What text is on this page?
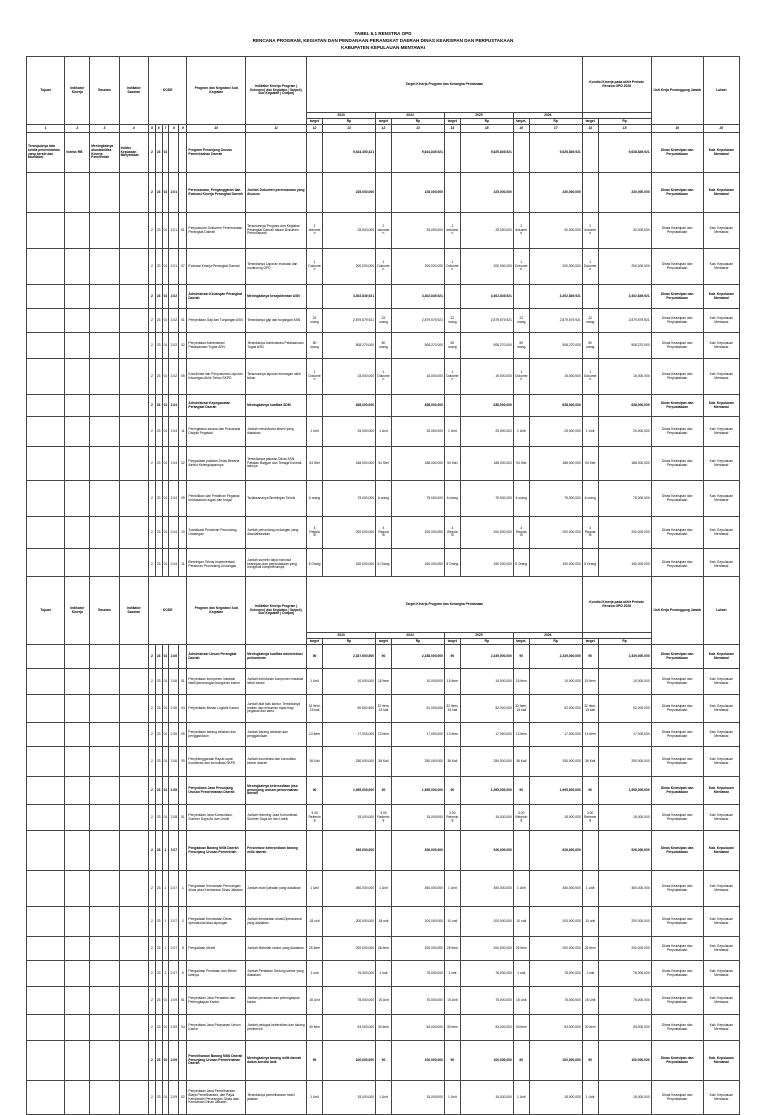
TABEL 6.1 RENSTRA OPD
RENCANA PROGRAM, KEGIATAN DAN PENDANAAN PERANGKAT DAERAH DINAS KEARSIPAN DAN PERPUSTAKAAN
KABUPATEN KEPULAUAN MENTAWAI
Tujuan	Indikator Kinerja	Sasaran	Indikator Sasaran	KODE					Program dan Kegiatan/ Sub Kegiatan	Indikator Kinerja Program ( Outcome) dan Kegiatan ( Output), Sub Kegiatan ( Output)	Target Kinerja Program dan Kerangka Pendanaan								Kondisi Kinerja pada akhir Periode Renstra OPD 2026		Unit Kerja Penanggung Jawab	Lokasi
											2023		2024		2025		2026					
											target	Rp	target	Rp	target	Rp	target,	Rp	target	Rp		
1	2	3	4	5	6	7	8	9	10	11	12	13	12	13	14	15	16	17	14	18	19	20
Terwujudnya tata kelola pemerintahan yang bersih dan akuntabel	Indeks RB	Meningkatnya akuntabilitas Kinerja Pemerintah	Indeks Kepuasan Masyarakat	2	23	01			Program Penunjang Urusan Pemerintahan Daerah			9,624,450,421		9,624,849,921		9,625,849,921		9,628,849,921		9,638,849,921	Dinas Kearsipan dan Perpustakaan	Kab. Kepulauan Mentawai
				2	23	01	2.01		Perencanaan, Penganggaran dan Evaluasi Kinerja Perangkat Daerah	Jumlah Dokumen perencanaan yang disusun		225,000,000		225,000,000		225,000,000		230,000,000		230,000,000	Dinas Kearsipan dan Perpustakaan	Kab. Kepulauan Mentawai
				2	23	01	2.01	01	Penyusunan Dokumen Perencanaan Perangkat Daerah	Tersusunnya Program dan Kegiatan Perangkat Daerah dalam Dokumen Perencanaan	2 dokumen	25,000,000	2 dokumen	25,000,000	2 dokumen	25,000,000	2 dokumen	30,000,000	2 dokumen	30,000,000	Dinas Kearsipan dan Perpustakaan	Kab. Kepulauan Mentawai
				2	23	01	2.01	07	Evaluasi Kinerja Perangkat Daerah	Tersedianya Laporan evaluasi dan monitoring OPD	1 Dokumen	200,000,000	1 Dokumen	200,000,000	1 Dokumen	200,000,000	1 Dokumen	200,000,000	1 Dokumen	200,000,000	Dinas Kearsipan dan Perpustakaan	Kab. Kepulauan Mentawai
				2	23	01	2.02		Administrasi Keuangan Perangkat Daerah	Meningkatnya kesejahteraan ASN		3,402,849,921		3,402,849,921		3,402,849,921		3,402,849,921		3,402,849,921	Dinas Kearsipan dan Perpustakaan	Kab. Kepulauan Mentawai
				2	23	01	2.02	01	Penyediaan Gaji dan Tunjangan ASN	Tersedianya gaji dan tunjangan ASN	22 orang	2,879,579,921	22 orang	2,879,579,921	22 orang	2,879,579,921	22 orang	2,879,579,921	22 orang	2,879,579,921	Dinas Kearsipan dan Perpustakaan	Kab. Kepulauan Mentawai
				2	23	01	2.02	02	Penyediaan Administrasi Pelaksanaan Tugas ASN	Tersedianya Administrasi Pelaksanaan Tugas ASN	50 orang	508,270,000	50 orang	508,270,000	50 orang	508,270,000	50 orang	508,270,000	50 orang	508,270,000	Dinas Kearsipan dan Perpustakaan	Kab. Kepulauan Mentawai
				2	23	01	2.02	05	Koordinasi dan Penyusunan Laporan Keuangan Akhir Tahun SKPD	Tersusunnya laporan keuangan akhir tahun	1 Dokumen	15,000,000	1 Dokumen	15,000,000	1 Dokumen	15,000,000	1 Dokumen	15,000,000	1 Dokumen	15,000,000	Dinas Kearsipan dan Perpustakaan	Kab. Kepulauan Mentawai
				2	23	01	2.04		Administrasi Kepegawaian Perangkat Daerah	Meningkatnya kualitas SDM		638,000,000		638,000,000		638,000,000		638,000,000		638,000,000	Dinas Kearsipan dan Perpustakaan	Kab. Kepulauan Mentawai
				2	23	01	2.04	11	Peningkatan sarana dan Prasarana Disiplin Pegawai	Jumlah mesin/kartu absen yang diadakan	1 Unit	25,000,000	1 Unit	25,000,000	1 Unit	25,000,000	1 Unit	25,000,000	1 Unit	25,000,000	Dinas Kearsipan dan Perpustakaan	Kab. Kepulauan Mentawai
				2	23	01	2.04	02	Pengadaan pakaian Dinas Beserta Atribut Kelengkapannya	Tersedianya pakaian Dinas ASN, Pakaian Batjgon dan Tenaga Kontrak lainnya	94 Stel	188,000,000	94 Stel	188,000,000	94 Stel	188,000,000	94 Stel	188,000,000	94 Stel	188,000,000	Dinas Kearsipan dan Perpustakaan	Kab. Kepulauan Mentawai
				2	23	01	2.04	09	Pendidikan dan Pelatihan Pegawai berdasarkan tugas dan fungsi	Terlaksananya Bimbingan Teknis	6 orang	75,000,000	6 orang	75,000,000	6 orang	75,000,000	6 orang	75,000,000	6 orang	75,000,000	Dinas Kearsipan dan Perpustakaan	Kab. Kepulauan Mentawai
				2	23	01	2.04	10	Sosialisasi Peraturan Perundang-Undangan	Jumlah perundang-undangan yang disosialisasikan	4 Regulasi	200,000,000	4 Regulasi	200,000,000	4 Regulasi	200,000,000	4 Regulasi	200,000,000	4 Regulasi	200,000,000	Dinas Kearsipan dan Perpustakaan	Kab. Kepulauan Mentawai
				2	23	01	2.04	11	Bimbingan Teknis Implementasi Peraturan Perundang-Undangan	Jumlah sumber daya manusia kearsipan dan perpustakaan yang mengikuti kompetensinya	8 Orang	150,000,000	8 Orang	150,000,000	8 Orang	150,000,000	8 Orang	150,000,000	8 Orang	150,000,000	Dinas Kearsipan dan Perpustakaan	Kab. Kepulauan Mentawai
Tujuan	Indikator Kinerja	Sasaran	Indikator Sasaran	KODE					Program dan Kegiatan/ Sub Kegiatan	Indikator Kinerja Program ( Outcome) dan Kegiatan ( Output), Sub Kegiatan ( Output)	Target Kinerja Program dan Kerangka Pendanaan								Kondisi Kinerja pada akhir Periode Renstra OPD 2026		Unit Kerja Penanggung Jawab	Lokasi
											2023		2024		2025		2026					
											target	Rp	target	Rp	target	Rp	target,	Rp	target	Rp		
				2	23	01	2.06		Administrasi Umum Perangkat Daerah	Meningkatnya kualitas administrasi perkantoran	90	2,337,600,500	90	2,338,000,000	90	2,339,000,000	90	2,339,000,000	90	2,339,000,000	Dinas Kearsipan dan Perpustakaan	Kab. Kepulauan Mentawai
				2	23	01	2.06	01	Penyediaan komponen instalasi listrik/penerangan bangunan kantor	Jumlah kebutuhan komponen instalasi listrik kantor	1 Unit	10,000,000	15 Item	10,000,000	15 Item	10,000,000	15 Item	10,000,000	15 Item	10,000,000	Dinas Kearsipan dan Perpustakaan	Kab. Kepulauan Mentawai
				2	23	01	2.06	04	Penyediaan Bahan Logistik Kantor	Jumlah alat tulis kantor, Tersedianya makan dan minuman rapat bagi pegawai dan tamu	32 Item, 15 kali	50,600,500	32 Item, 15 kali	51,000,000	32 Item, 15 kali	52,000,000	32 Item, 15 kali	52,000,000	32 Item, 15 kali	52,000,000	Dinas Kearsipan dan Perpustakaan	Kab. Kepulauan Mentawai
				2	23	01	2.06	05	Penyediaan barang cetakan dan penggandaan	Jumlah barang cetakan dan penggandaan	13 Item	17,000,000	13 Item	17,000,000	13 Item	17,000,000	13 Item	17,000,000	13 Item	17,000,000	Dinas Kearsipan dan Perpustakaan	Kab. Kepulauan Mentawai
				2	23	01	2.06	09	Penyelenggaraan Rapat-rapat koordinasi dan konsultasi SKPD	Jumlah koordinasi dan konsultasi keluar daerah	36 Kali	250,000,000	36 Kali	250,000,000	36 Kali	250,000,000	36 Kali	250,000,000	36 Kali	250,000,000	Dinas Kearsipan dan Perpustakaan	Kab. Kepulauan Mentawai
				2	23	01	2.08		Penyediaan Jasa Penunjang Urusan Pemerintahan Daerah	Meningkatnya ketersediaan jasa penunjang urusan pemerintahan daerah	90	1,995,000,000	90	1,995,000,000	90	1,995,000,000	90	1,995,000,000	90	1,995,000,000	Dinas Kearsipan dan Perpustakaan	Kab. Kepulauan Mentawai
				2	23	01	2.08	01	Penyediaan Jasa Komunikasi, Sumber Daya Air dan Listrik	Jumlah rekening Jasa Komunikasi, Sumber Daya Air dan Listrik	3,00 Rekening	15,000,000	3,00 Rekening	15,000,000	3,00 Rekening	15,000,000	3,00 Rekening	15,000,000	3,00 Rekening	15,000,000	Dinas Kearsipan dan Perpustakaan	Kab. Kepulauan Mentawai
				2	23	1	2.07		Pengadaan Barang Milik Daerah Penunjang Urusan Pemerintah	Persentase ketersediaan barang milik daerah		926,000,000		926,000,000		926,000,000		926,000,000		926,000,000	Dinas Kearsipan dan Perpustakaan	Kab. Kepulauan Mentawai
				2	23	1	2.07	1	Pengadaan Kendaraan Perorangan dinas atau Kendaraan Dinas Jabatan	Jumlah mobil jabatan yang diadakan	1 Unit	450,000,000	1 Unit	450,000,000	1 Unit	450,000,000	1 Unit	450,000,000	1 Unit	450,000,000	Dinas Kearsipan dan Perpustakaan	Kab. Kepulauan Mentawai
				2	23	1	2.07	2	Pengadaan Kendaraan Dinas operasional atau lapangan	Jumlah kendaraan dinas/Operasional yang diadakan	18 unit	200,000,000	18 unit	200,000,000	10 unit	200,000,000	10 unit	200,000,000	10 unit	200,000,000	Dinas Kearsipan dan Perpustakaan	Kab. Kepulauan Mentawai
				2	23	1	2.07	5	Pengadaan Mebel	Jumlah Mebelair kantor yang diadakan	26 Item	200,000,000	26 Item	200,000,000	26 Item	200,000,000	26 Item	200,000,000	26 Item	200,000,000	Dinas Kearsipan dan Perpustakaan	Kab. Kepulauan Mentawai
				2	23	1	2.07	6	Pengadaan Peralatan dan Mesin lainnya	Jumlah Peralatan Gedung kantor yang diadakan	1 unit	76,000,000	1 unit	76,000,000	1 unit	76,000,000	1 unit	76,000,000	1 unit	76,000,000	Dinas Kearsipan dan Perpustakaan	Kab. Kepulauan Mentawai
				2	23	01	2.09	01	Penyediaan Jasa Peralatan dan Perlengkapan Kantor	Jumlah peralatan dan perlengkapan kantor	15 Unit	75,000,000	15 Unit	75,000,000	15 Unit	75,000,000	15 Unit	75,000,000	15 Unit	75,000,000	Dinas Kearsipan dan Perpustakaan	Kab. Kepulauan Mentawai
				2	23	01	2.09	04	Penyediaan Jasa Pelayanan Umum Kantor	Jumlah petugas kebersihan dan tukang pembersih	30 item	53,000,000	30 item	53,000,000	30 item	53,000,000	30 item	53,000,000	30 item	53,000,000	Dinas Kearsipan dan Perpustakaan	Kab. Kepulauan Mentawai
				2	23	01	2.09		Pemeliharaan Barang Milik Daerah Penunjang Urusan Pemerintahan Daerah	Meningkatnya barang milik daerah dalam kondisi baik	90	100,000,000	90	100,000,000	90	100,000,000	90	100,000,000	90	100,000,000	Dinas Kearsipan dan Perpustakaan	Kab. Kepulauan Mentawai
				2	23	01	2.09	02	Penyediaan Jasa Pemeliharaan, Biaya Pemeliharaan, dan Pajak Kendaraan Perorangan Dinas atau Kendaraan Dinas Jabatan	Tersedianya pemeliharaan mobil jabatan	1 Unit	15,000,000	1 Unit	15,000,000	1 Unit	15,000,000	1 Unit	15,000,000	1 Unit	15,000,000	Dinas Kearsipan dan Perpustakaan	Kab. Kepulauan Mentawai
